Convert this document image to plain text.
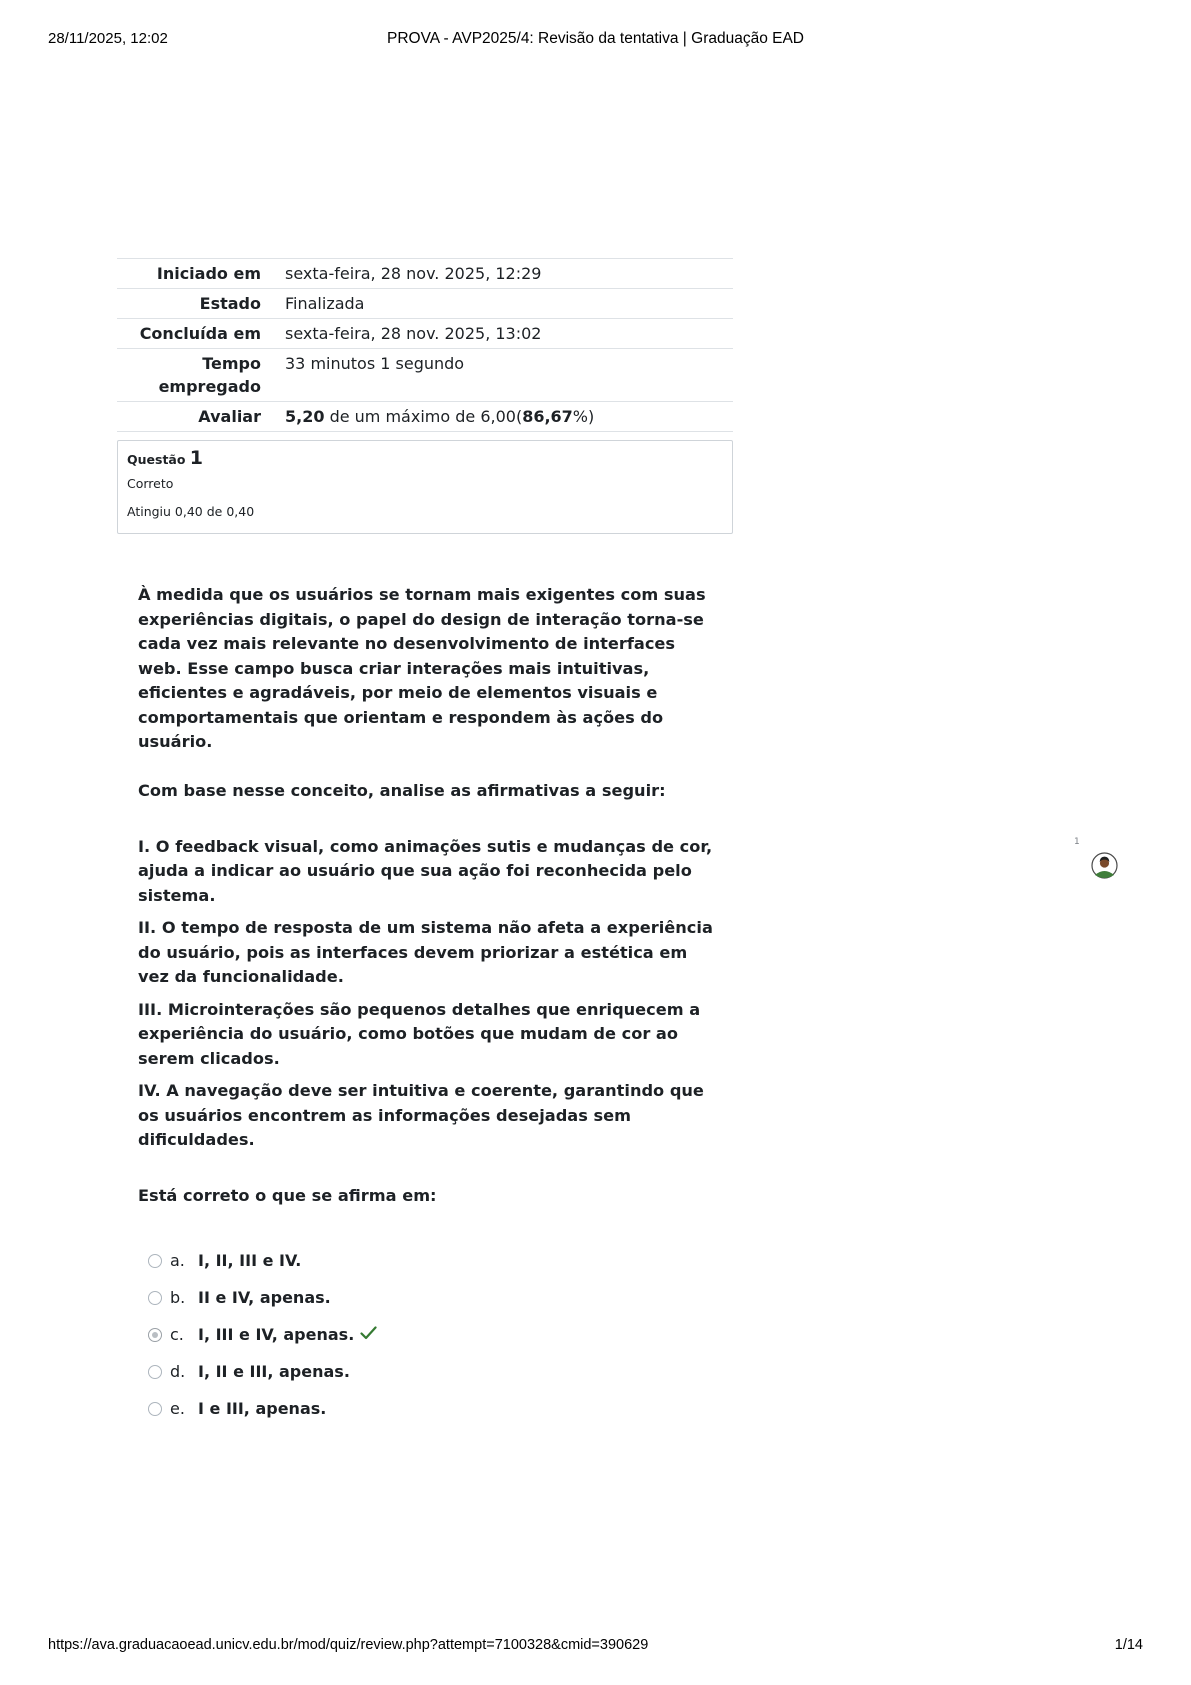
28/11/2025, 12:02	PROVA - AVP2025/4: Revisão da tentativa | Graduação EAD
Iniciado em	sexta-feira, 28 nov. 2025, 12:29
Estado	Finalizada
Concluída em	sexta-feira, 28 nov. 2025, 13:02
Tempo
empregado	33 minutos 1 segundo
Avaliar	5,20 de um máximo de 6,00(86,67%)
Questão 1
Correto
Atingiu 0,40 de 0,40

À medida que os usuários se tornam mais exigentes com suas experiências digitais, o papel do design de interação torna-se cada vez mais relevante no desenvolvimento de interfaces web. Esse campo busca criar interações mais intuitivas, eficientes e agradáveis, por meio de elementos visuais e comportamentais que orientam e respondem às ações do usuário.

Com base nesse conceito, analise as afirmativas a seguir:

I. O feedback visual, como animações sutis e mudanças de cor, ajuda a indicar ao usuário que sua ação foi reconhecida pelo sistema.

II. O tempo de resposta de um sistema não afeta a experiência do usuário, pois as interfaces devem priorizar a estética em vez da funcionalidade.

III. Microinterações são pequenos detalhes que enriquecem a experiência do usuário, como botões que mudam de cor ao serem clicados.

IV. A navegação deve ser intuitiva e coerente, garantindo que os usuários encontrem as informações desejadas sem dificuldades.

Está correto o que se afirma em:

a. I, II, III e IV.
b. II e IV, apenas.
c. I, III e IV, apenas.
d. I, II e III, apenas.
e. I e III, apenas.
1
https://ava.graduacaoead.unicv.edu.br/mod/quiz/review.php?attempt=7100328&cmid=390629	1/14
